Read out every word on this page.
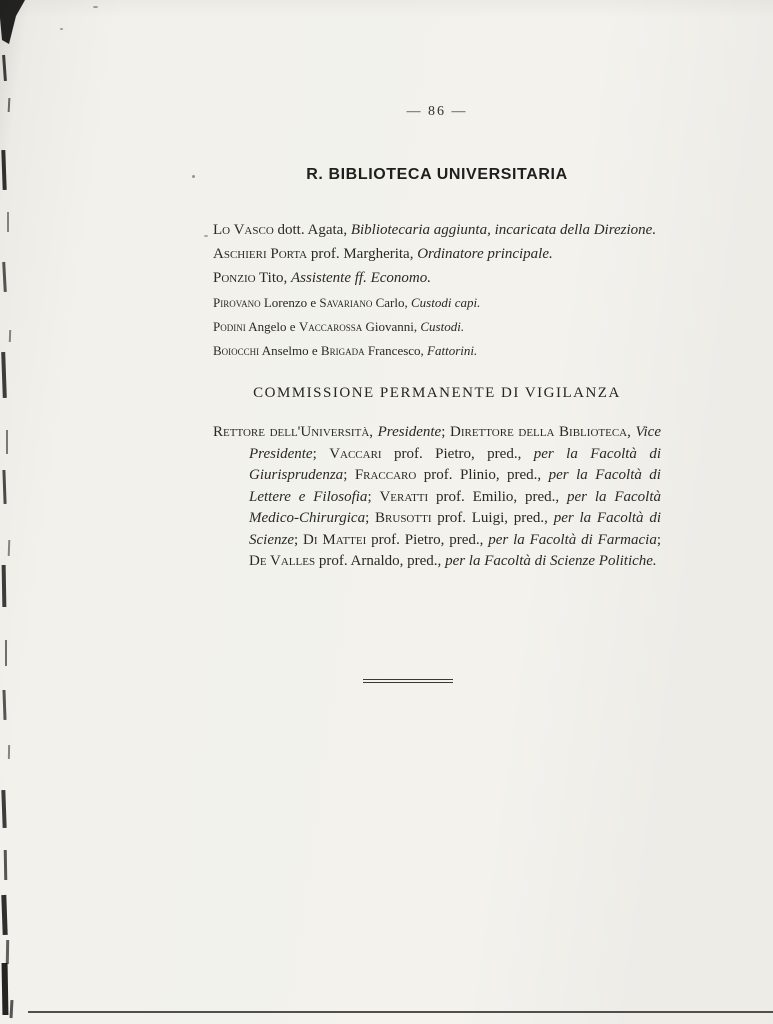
— 86 —
R. BIBLIOTECA UNIVERSITARIA

Lo Vasco dott. Agata, Bibliotecaria aggiunta, incaricata della Direzione.

Aschieri Porta prof. Margherita, Ordinatore principale.

Ponzio Tito, Assistente ff. Economo.

Pirovano Lorenzo e Savariano Carlo, Custodi capi.

Podini Angelo e Vaccarossa Giovanni, Custodi.

Boiocchi Anselmo e Brigada Francesco, Fattorini.

COMMISSIONE PERMANENTE DI VIGILANZA

Rettore dell'Università, Presidente; Direttore della Biblioteca, Vice Presidente; Vaccari prof. Pietro, pred., per la Facoltà di Giurisprudenza; Fraccaro prof. Plinio, pred., per la Facoltà di Lettere e Filosofia; Veratti prof. Emilio, pred., per la Facoltà Medico-Chirurgica; Brusotti prof. Luigi, pred., per la Facoltà di Scienze; Di Mattei prof. Pietro, pred., per la Facoltà di Farmacia; De Valles prof. Arnaldo, pred., per la Facoltà di Scienze Politiche.
